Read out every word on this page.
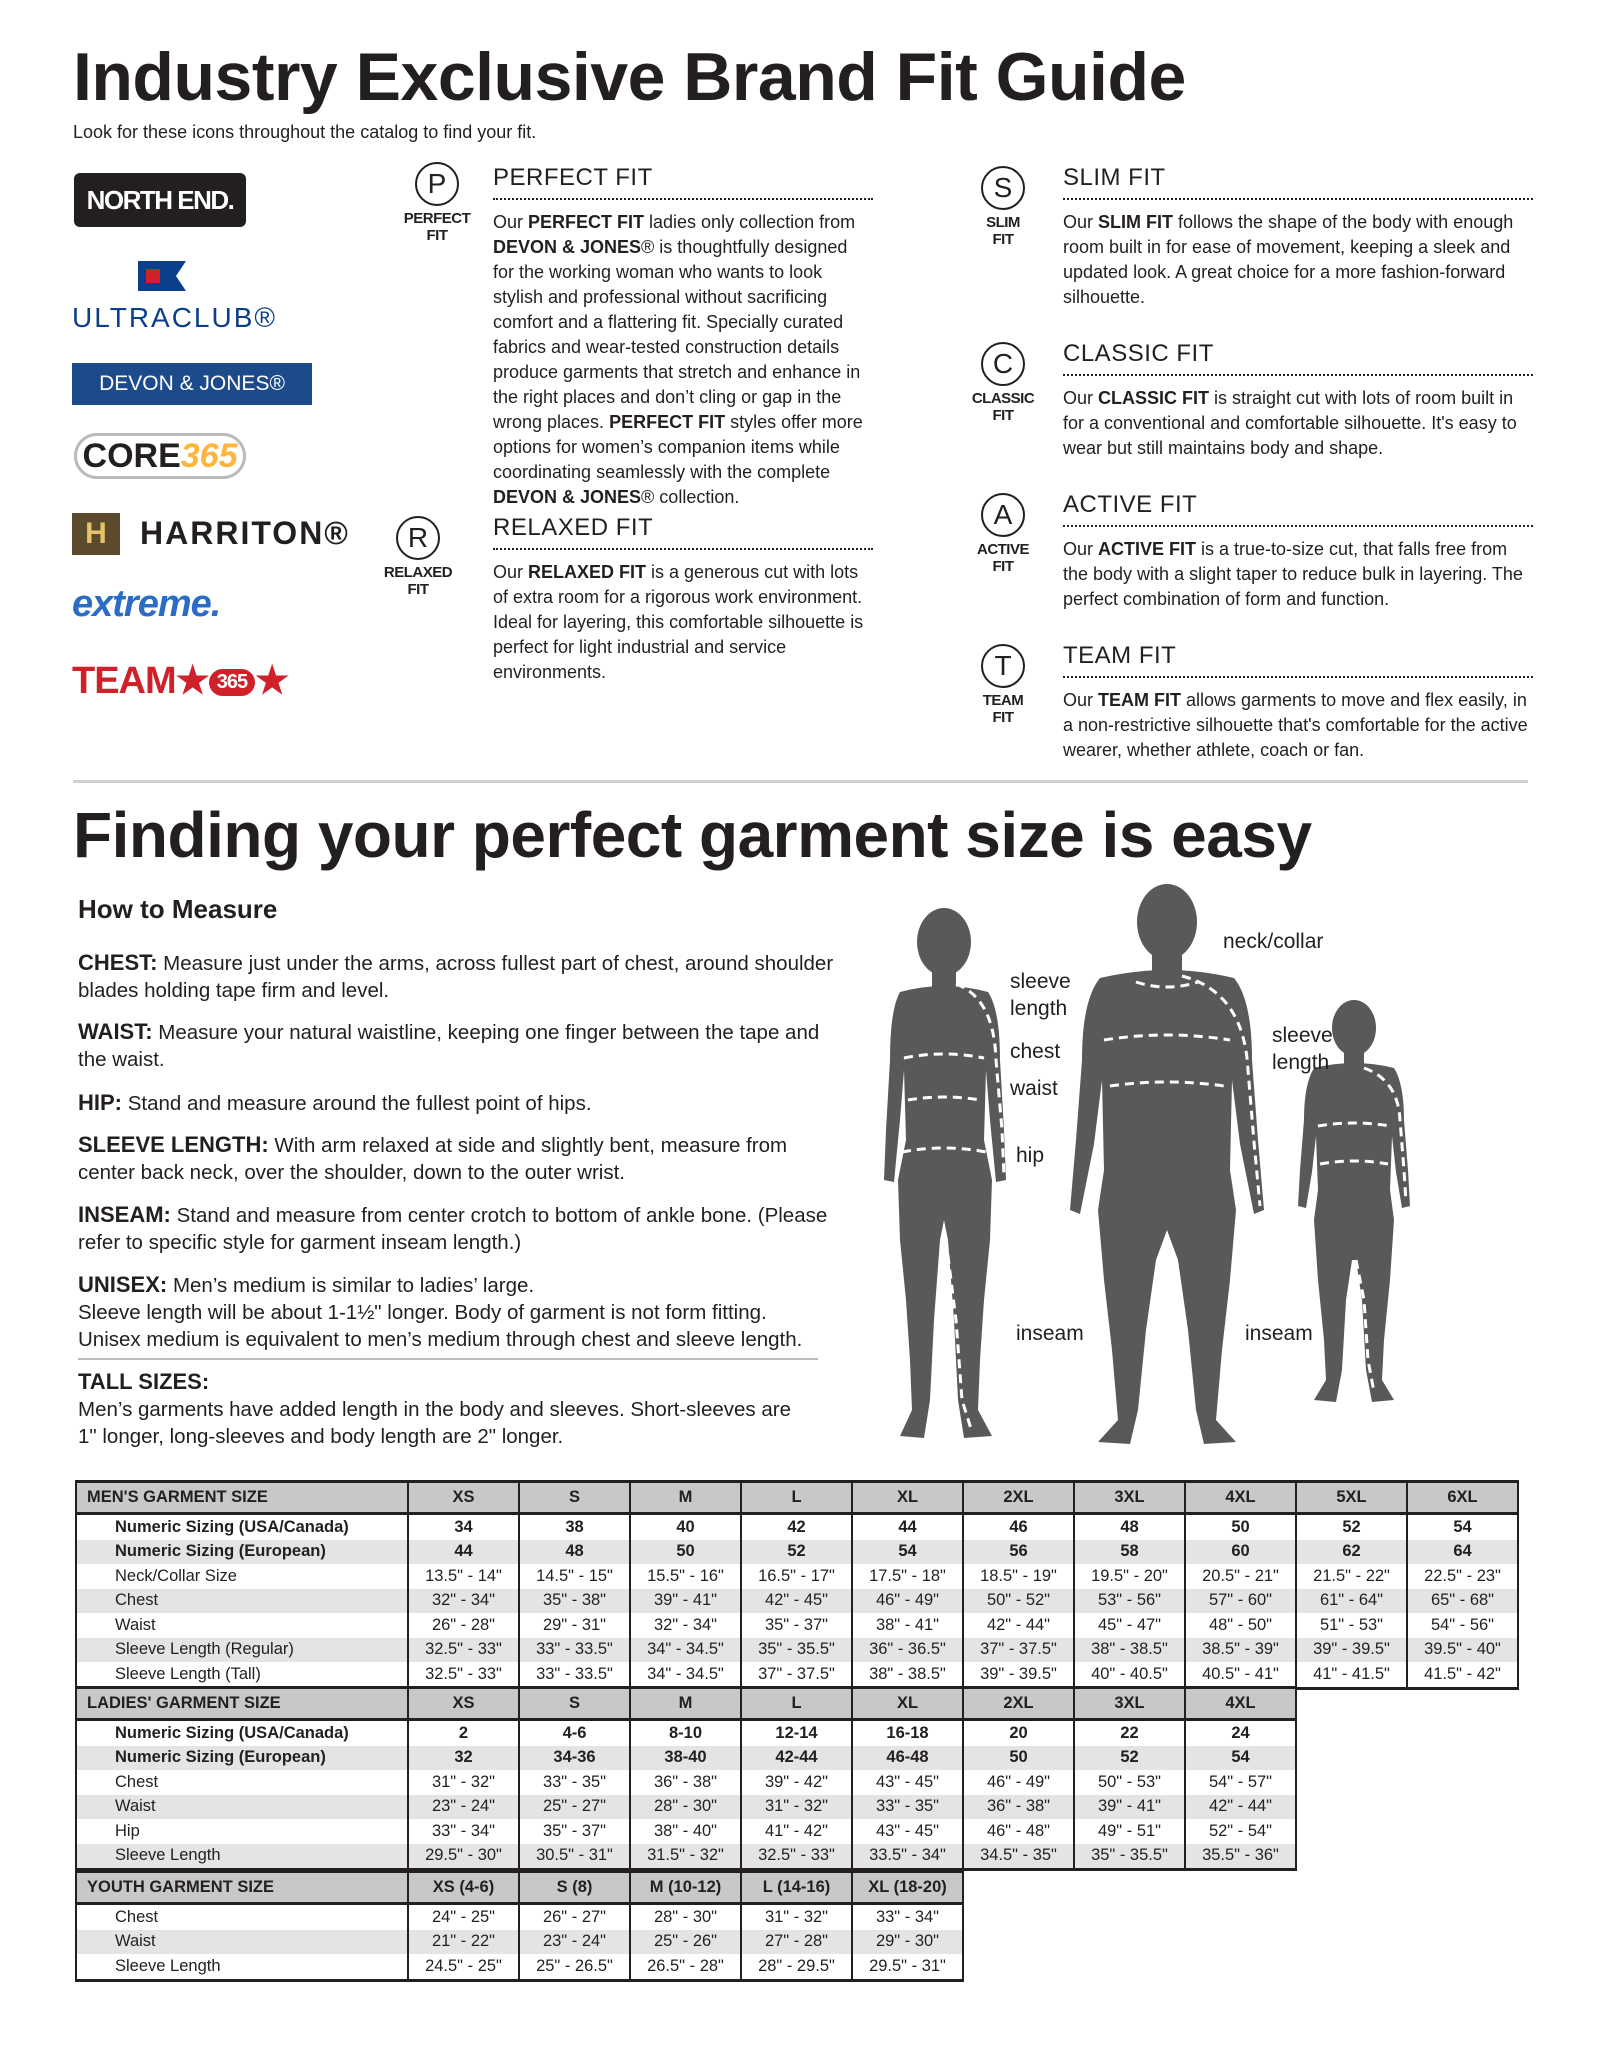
Industry Exclusive Brand Fit Guide
Look for these icons throughout the catalog to find your fit.
NORTH END.
ULTRACLUB®
DEVON & JONES®
CORE 365
H	HARRITON®
extreme.
TEAM★ 365 ★
P
PERFECT
FIT
PERFECT FIT
Our PERFECT FIT ladies only collection from DEVON & JONES® is thoughtfully designed for the working woman who wants to look stylish and professional without sacrificing comfort and a flattering fit. Specially curated fabrics and wear-tested construction details produce garments that stretch and enhance in the right places and don’t cling or gap in the wrong places. PERFECT FIT styles offer more options for women’s companion items while coordinating seamlessly with the complete DEVON & JONES® collection.
R
RELAXED
FIT
RELAXED FIT
Our RELAXED FIT is a generous cut with lots of extra room for a rigorous work environment. Ideal for layering, this comfortable silhouette is perfect for light industrial and service environments.
S
SLIM
FIT
SLIM FIT
Our SLIM FIT follows the shape of the body with enough room built in for ease of movement, keeping a sleek and updated look. A great choice for a more fashion-forward silhouette.
C
CLASSIC
FIT
CLASSIC FIT
Our CLASSIC FIT is straight cut with lots of room built in for a conventional and comfortable silhouette. It's easy to wear but still maintains body and shape.
A
ACTIVE
FIT
ACTIVE FIT
Our ACTIVE FIT is a true-to-size cut, that falls free from the body with a slight taper to reduce bulk in layering. The perfect combination of form and function.
T
TEAM
FIT
TEAM FIT
Our TEAM FIT allows garments to move and flex easily, in a non-restrictive silhouette that's comfortable for the active wearer, whether athlete, coach or fan.
Finding your perfect garment size is easy
How to Measure
CHEST: Measure just under the arms, across fullest part of chest, around shoulder blades holding tape firm and level.
WAIST: Measure your natural waistline, keeping one finger between the tape and the waist.
HIP: Stand and measure around the fullest point of hips.
SLEEVE LENGTH: With arm relaxed at side and slightly bent, measure from center back neck, over the shoulder, down to the outer wrist.
INSEAM: Stand and measure from center crotch to bottom of ankle bone. (Please refer to specific style for garment inseam length.)
UNISEX: Men’s medium is similar to ladies’ large.
Sleeve length will be about 1-1½" longer. Body of garment is not form fitting.
Unisex medium is equivalent to men’s medium through chest and sleeve length.
TALL SIZES:
Men’s garments have added length in the body and sleeves. Short-sleeves are 1" longer, long-sleeves and body length are 2" longer.
sleeve
length
chest
waist
hip
inseam
neck/collar
sleeve
length
inseam
MEN'S GARMENT SIZE	XS	S	M	L	XL	2XL	3XL	4XL	5XL	6XL
Numeric Sizing (USA/Canada)	34	38	40	42	44	46	48	50	52	54
Numeric Sizing (European)	44	48	50	52	54	56	58	60	62	64
Neck/Collar Size	13.5" - 14"	14.5" - 15"	15.5" - 16"	16.5" - 17"	17.5" - 18"	18.5" - 19"	19.5" - 20"	20.5" - 21"	21.5" - 22"	22.5" - 23"
Chest	32" - 34"	35" - 38"	39" - 41"	42" - 45"	46" - 49"	50" - 52"	53" - 56"	57" - 60"	61" - 64"	65" - 68"
Waist	26" - 28"	29" - 31"	32" - 34"	35" - 37"	38" - 41"	42" - 44"	45" - 47"	48" - 50"	51" - 53"	54" - 56"
Sleeve Length (Regular)	32.5" - 33"	33" - 33.5"	34" - 34.5"	35" - 35.5"	36" - 36.5"	37" - 37.5"	38" - 38.5"	38.5" - 39"	39" - 39.5"	39.5" - 40"
Sleeve Length (Tall)	32.5" - 33"	33" - 33.5"	34" - 34.5"	37" - 37.5"	38" - 38.5"	39" - 39.5"	40" - 40.5"	40.5" - 41"	41" - 41.5"	41.5" - 42"
LADIES' GARMENT SIZE	XS	S	M	L	XL	2XL	3XL	4XL
Numeric Sizing (USA/Canada)	2	4-6	8-10	12-14	16-18	20	22	24
Numeric Sizing (European)	32	34-36	38-40	42-44	46-48	50	52	54
Chest	31" - 32"	33" - 35"	36" - 38"	39" - 42"	43" - 45"	46" - 49"	50" - 53"	54" - 57"
Waist	23" - 24"	25" - 27"	28" - 30"	31" - 32"	33" - 35"	36" - 38"	39" - 41"	42" - 44"
Hip	33" - 34"	35" - 37"	38" - 40"	41" - 42"	43" - 45"	46" - 48"	49" - 51"	52" - 54"
Sleeve Length	29.5" - 30"	30.5" - 31"	31.5" - 32"	32.5" - 33"	33.5" - 34"	34.5" - 35"	35" - 35.5"	35.5" - 36"
YOUTH GARMENT SIZE	XS (4-6)	S (8)	M (10-12)	L (14-16)	XL (18-20)
Chest	24" - 25"	26" - 27"	28" - 30"	31" - 32"	33" - 34"
Waist	21" - 22"	23" - 24"	25" - 26"	27" - 28"	29" - 30"
Sleeve Length	24.5" - 25"	25" - 26.5"	26.5" - 28"	28" - 29.5"	29.5" - 31"
